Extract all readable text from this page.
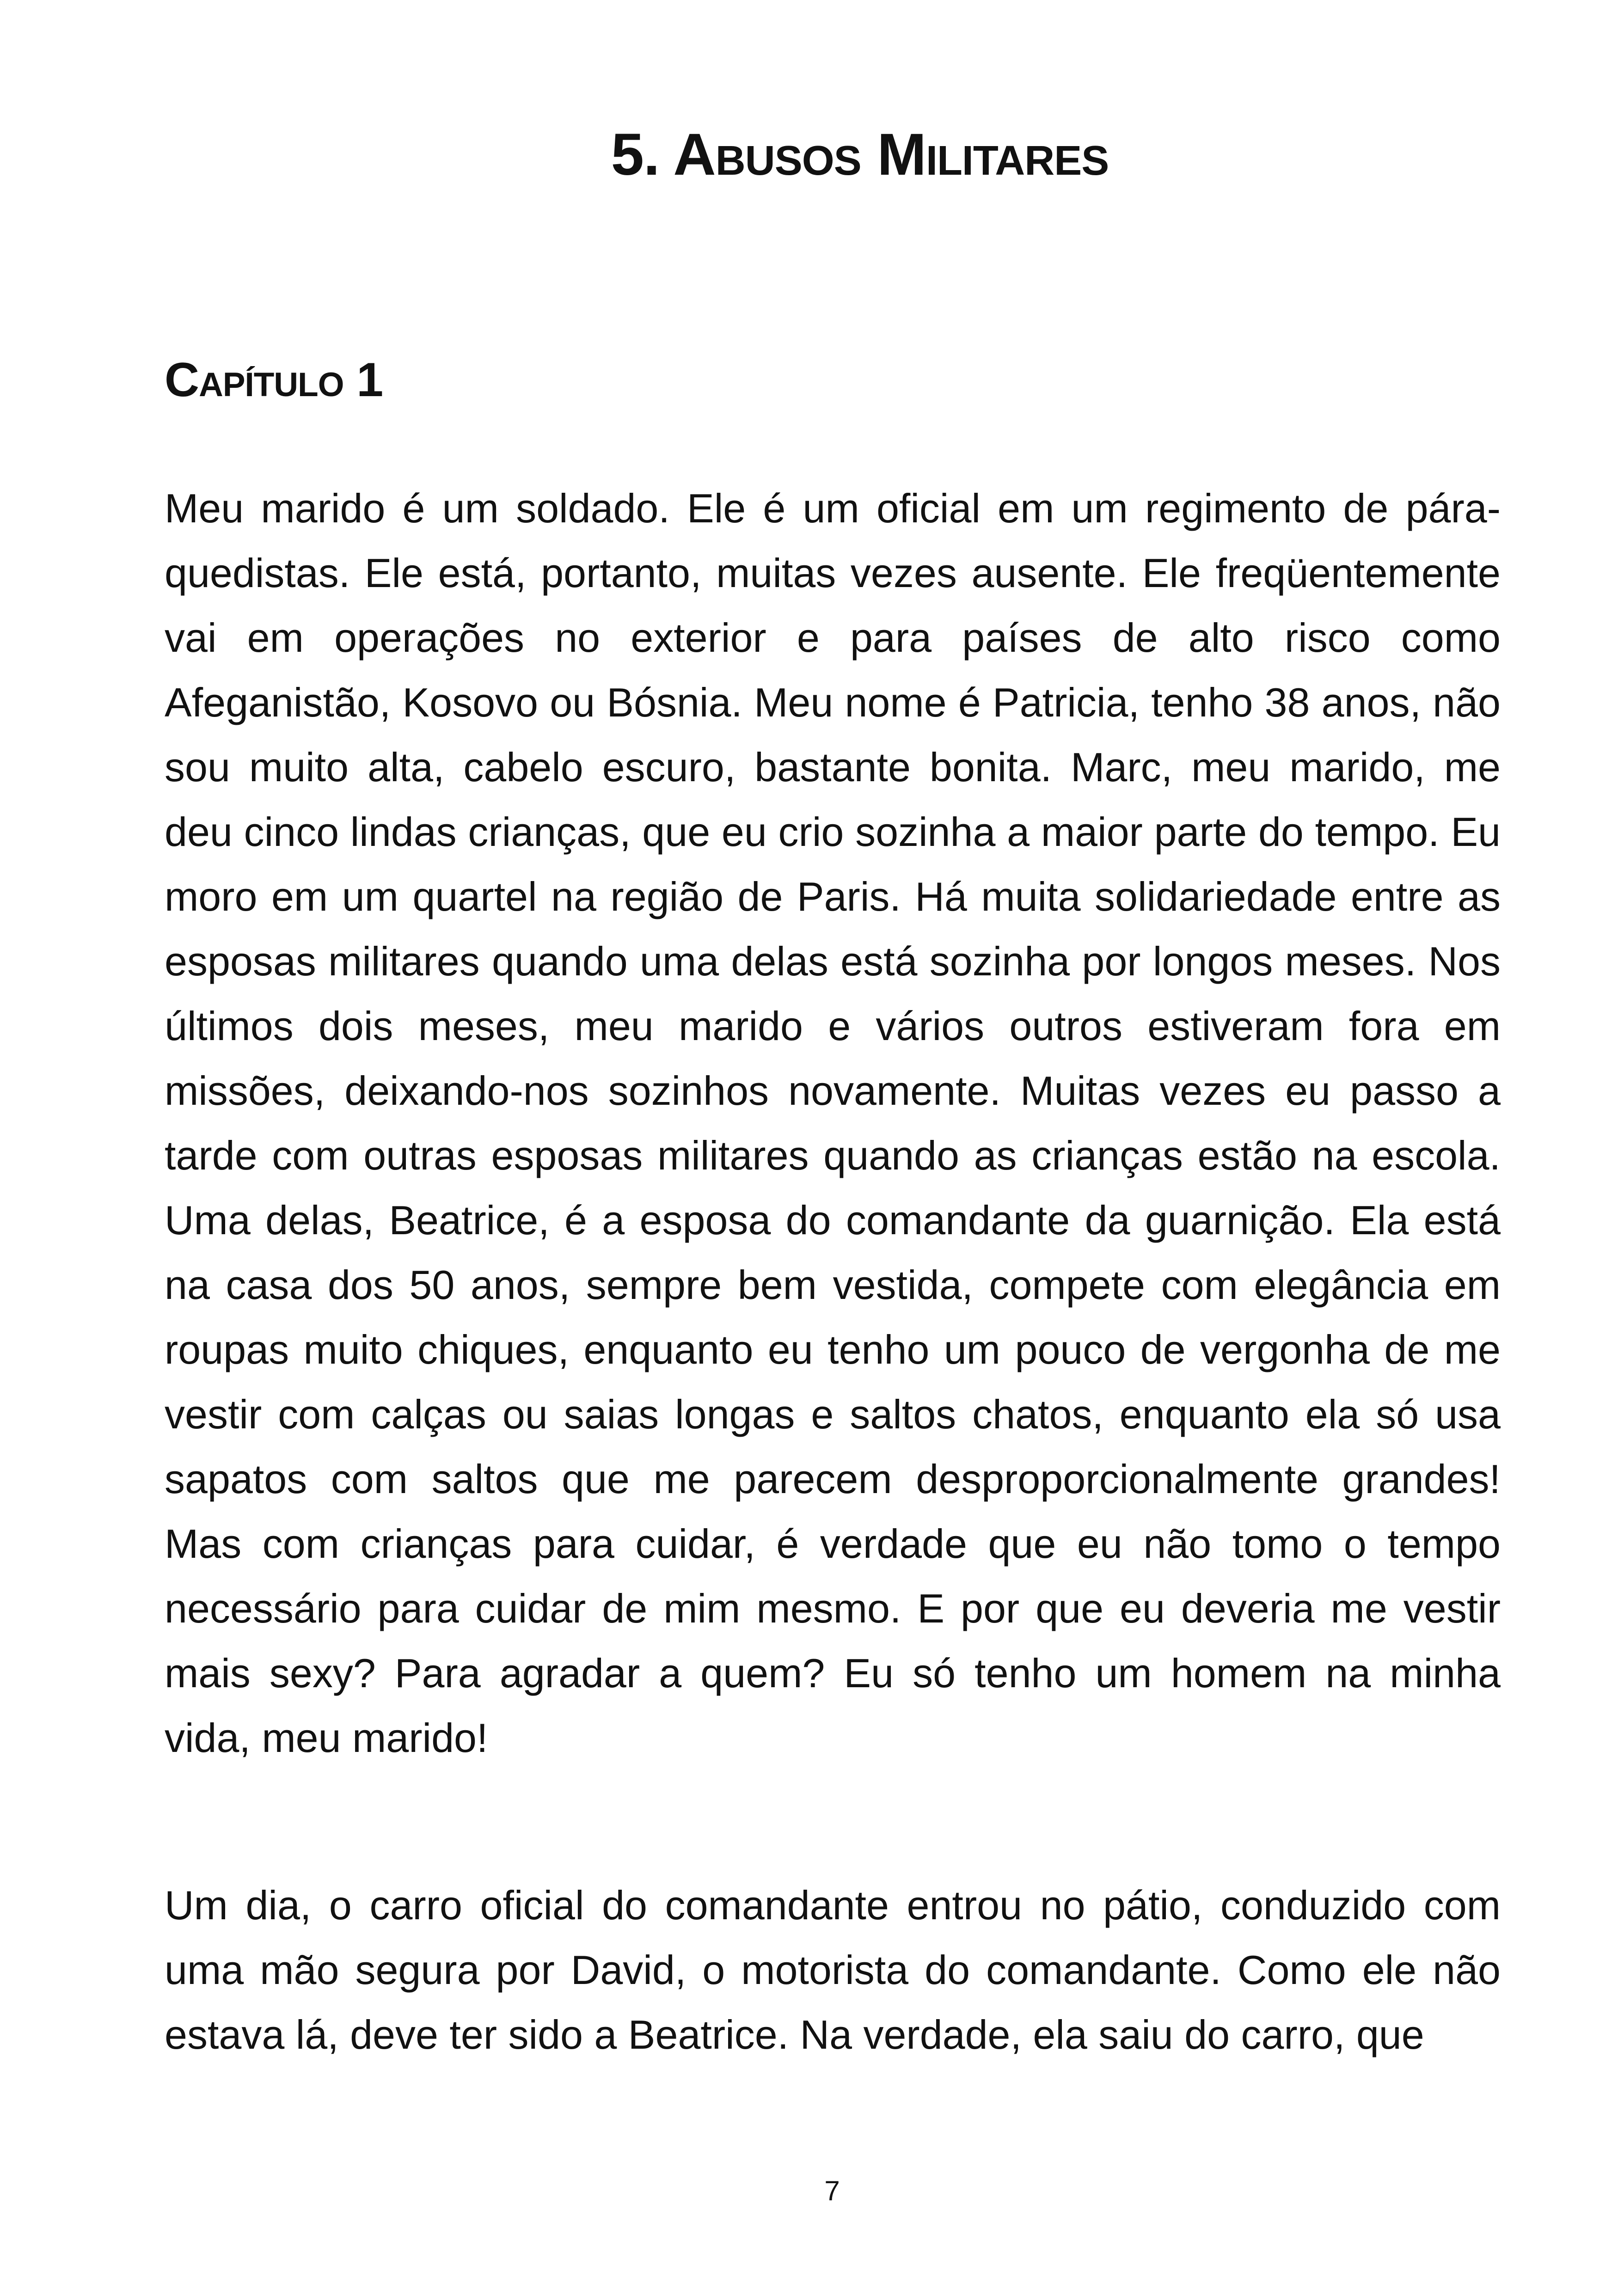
5. Abusos Militares
Capítulo 1

Meu marido é um soldado. Ele é um oficial em um regimento de pára-quedistas. Ele está, portanto, muitas vezes ausente. Ele freqüentemente vai em operações no exterior e para países de alto risco como Afeganistão, Kosovo ou Bósnia. Meu nome é Patricia, tenho 38 anos, não sou muito alta, cabelo escuro, bastante bonita. Marc, meu marido, me deu cinco lindas crianças, que eu crio sozinha a maior parte do tempo. Eu moro em um quartel na região de Paris. Há muita solidariedade entre as esposas militares quando uma delas está sozinha por longos meses. Nos últimos dois meses, meu marido e vários outros estiveram fora em missões, deixando-nos sozinhos novamente. Muitas vezes eu passo a tarde com outras esposas militares quando as crianças estão na escola. Uma delas, Beatrice, é a esposa do comandante da guarnição. Ela está na casa dos 50 anos, sempre bem vestida, compete com elegância em roupas muito chiques, enquanto eu tenho um pouco de vergonha de me vestir com calças ou saias longas e saltos chatos, enquanto ela só usa sapatos com saltos que me parecem desproporcionalmente grandes! Mas com crianças para cuidar, é verdade que eu não tomo o tempo necessário para cuidar de mim mesmo. E por que eu deveria me vestir mais sexy? Para agradar a quem? Eu só tenho um homem na minha vida, meu marido!

Um dia, o carro oficial do comandante entrou no pátio, conduzido com uma mão segura por David, o motorista do comandante. Como ele não estava lá, deve ter sido a Beatrice. Na verdade, ela saiu do carro, que

7
